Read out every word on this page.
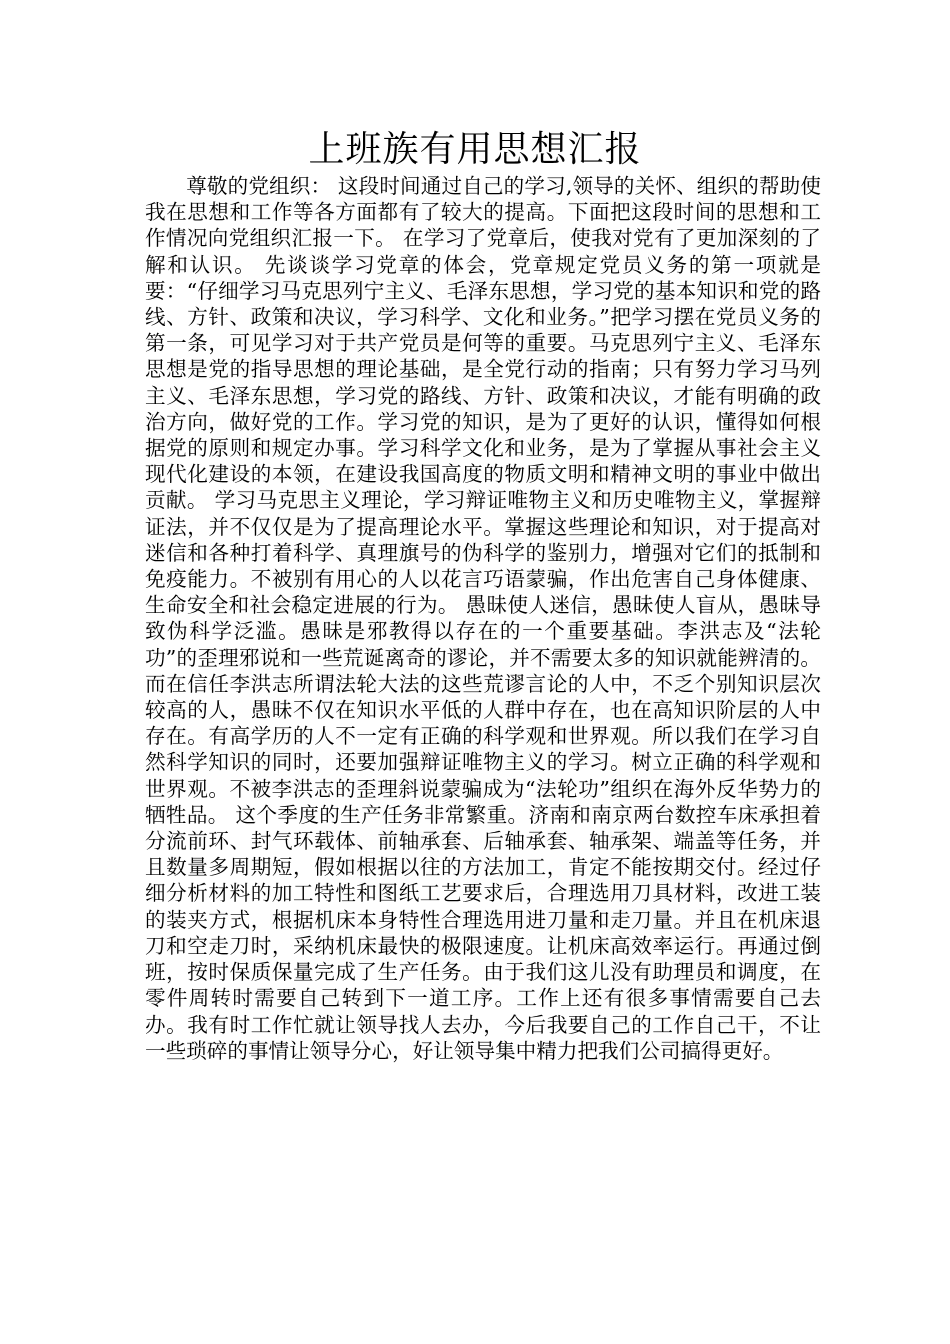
上班族有用思想汇报

尊敬的党组织： 这段时间通过自己的学习,领导的关怀、组织的帮助使我在思想和工作等各方面都有了较大的提高。下面把这段时间的思想和工作情况向党组织汇报一下。 在学习了党章后，使我对党有了更加深刻的了解和认识。 先谈谈学习党章的体会，党章规定党员义务的第一项就是要：“仔细学习马克思列宁主义、毛泽东思想，学习党的基本知识和党的路线、方针、政策和决议，学习科学、文化和业务。”把学习摆在党员义务的第一条，可见学习对于共产党员是何等的重要。马克思列宁主义、毛泽东思想是党的指导思想的理论基础，是全党行动的指南；只有努力学习马列主义、毛泽东思想，学习党的路线、方针、政策和决议，才能有明确的政治方向，做好党的工作。学习党的知识，是为了更好的认识，懂得如何根据党的原则和规定办事。学习科学文化和业务，是为了掌握从事社会主义现代化建设的本领，在建设我国高度的物质文明和精神文明的事业中做出贡献。 学习马克思主义理论，学习辩证唯物主义和历史唯物主义，掌握辩证法，并不仅仅是为了提高理论水平。掌握这些理论和知识，对于提高对迷信和各种打着科学、真理旗号的伪科学的鉴别力，增强对它们的抵制和免疫能力。不被别有用心的人以花言巧语蒙骗，作出危害自己身体健康、生命安全和社会稳定进展的行为。 愚昧使人迷信，愚昧使人盲从，愚昧导致伪科学泛滥。愚昧是邪教得以存在的一个重要基础。李洪志及“法轮功”的歪理邪说和一些荒诞离奇的谬论，并不需要太多的知识就能辨清的。而在信任李洪志所谓法轮大法的这些荒谬言论的人中，不乏个别知识层次较高的人，愚昧不仅在知识水平低的人群中存在，也在高知识阶层的人中存在。有高学历的人不一定有正确的科学观和世界观。所以我们在学习自然科学知识的同时，还要加强辩证唯物主义的学习。树立正确的科学观和世界观。不被李洪志的歪理斜说蒙骗成为“法轮功”组织在海外反华势力的牺牲品。 这个季度的生产任务非常繁重。济南和南京两台数控车床承担着分流前环、封气环载体、前轴承套、后轴承套、轴承架、端盖等任务，并且数量多周期短，假如根据以往的方法加工，肯定不能按期交付。经过仔细分析材料的加工特性和图纸工艺要求后，合理选用刀具材料，改进工装的装夹方式，根据机床本身特性合理选用进刀量和走刀量。并且在机床退刀和空走刀时，采纳机床最快的极限速度。让机床高效率运行。再通过倒班，按时保质保量完成了生产任务。由于我们这儿没有助理员和调度，在零件周转时需要自己转到下一道工序。工作上还有很多事情需要自己去办。我有时工作忙就让领导找人去办，今后我要自己的工作自己干，不让一些琐碎的事情让领导分心，好让领导集中精力把我们公司搞得更好。
